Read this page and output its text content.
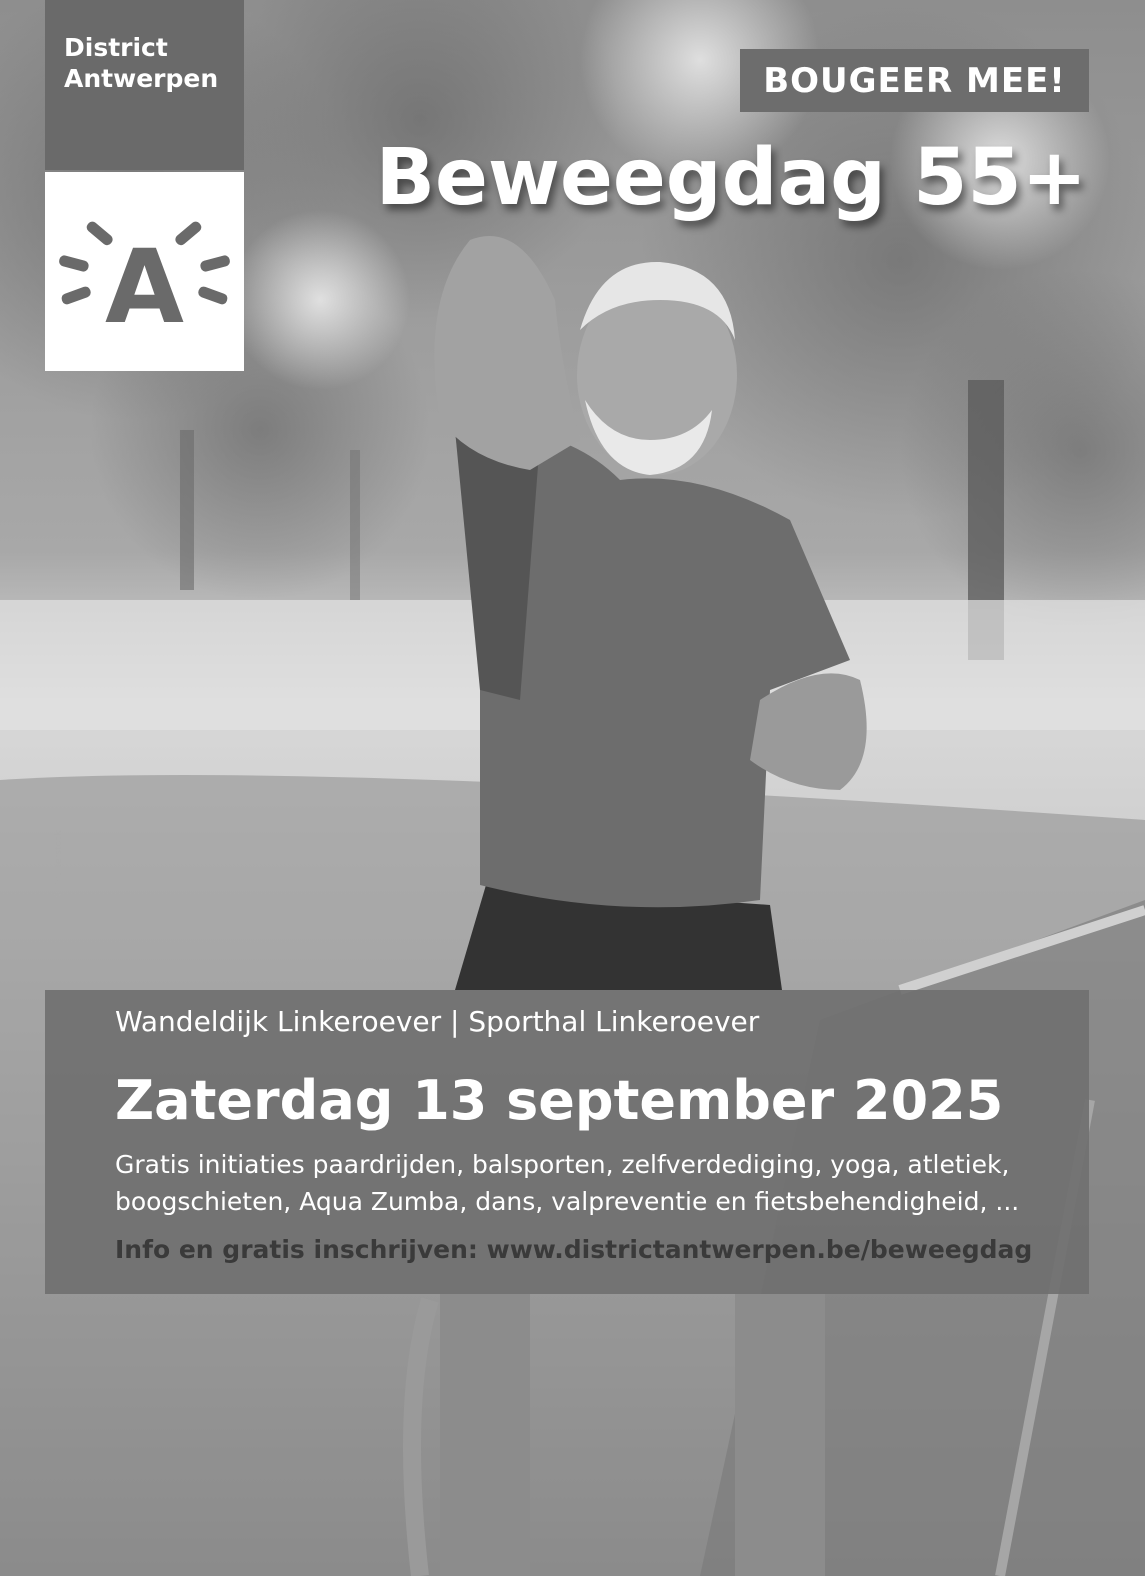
District
Antwerpen
A
BOUGEER MEE!
Beweegdag 55+
© Shutterstock
Wandeldijk Linkeroever | Sporthal Linkeroever
Zaterdag 13 september 2025
Gratis initiaties paardrijden, balsporten, zelfverdediging, yoga, atletiek, boogschieten, Aqua Zumba, dans, valpreventie en fietsbehendigheid, ...
Info en gratis inschrijven: www.districtantwerpen.be/beweegdag
